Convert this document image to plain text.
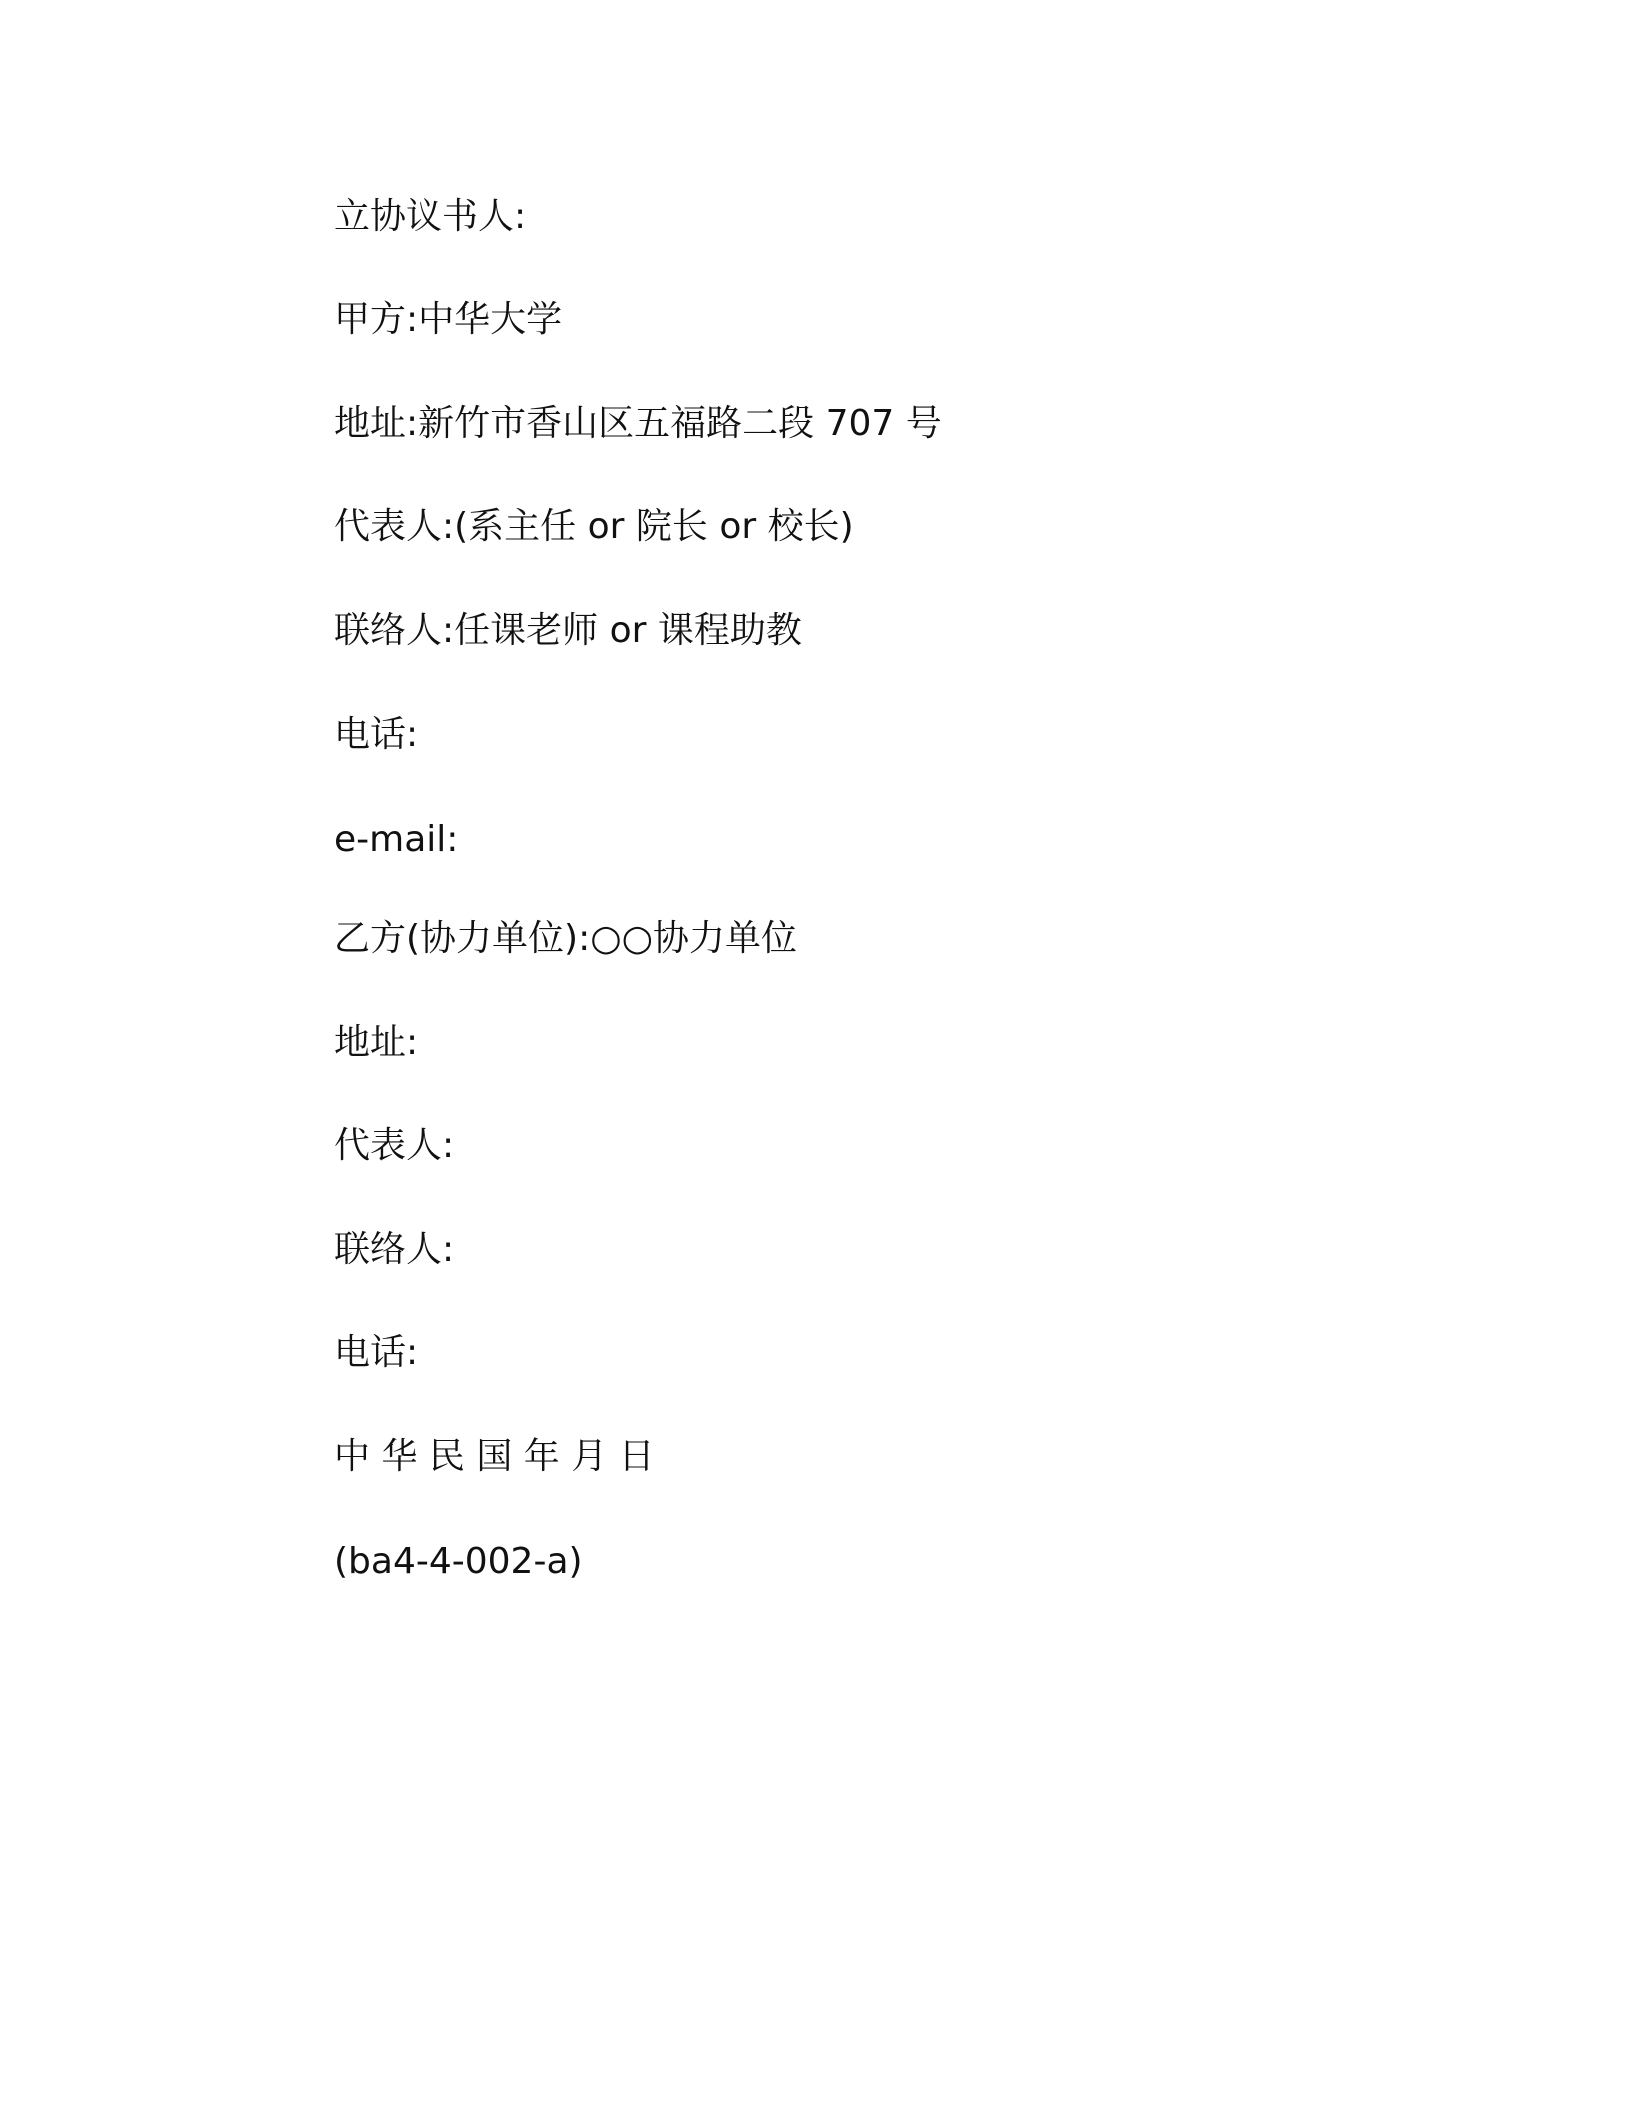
立协议书人:
甲方:中华大学
地址:新竹市香山区五福路二段 707 号
代表人:(系主任 or 院长 or 校长)
联络人:任课老师 or 课程助教
电话:
e-mail:
乙方(协力单位):○○协力单位
地址:
代表人:
联络人:
电话:
中 华 民 国 年 月 日
(ba4-4-002-a)
